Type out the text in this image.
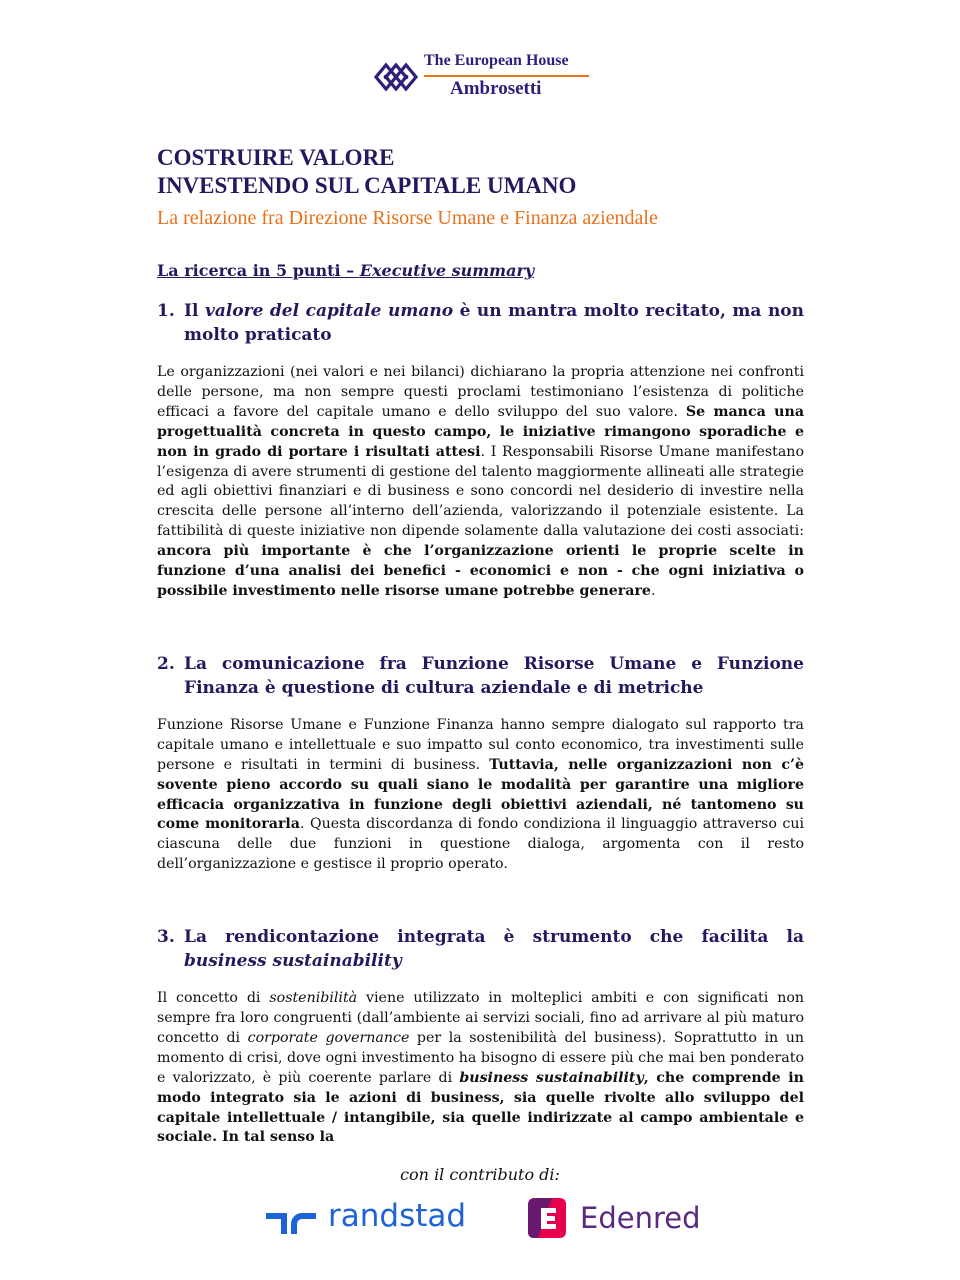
The European House
Ambrosetti
COSTRUIRE VALORE
INVESTENDO SUL CAPITALE UMANO
La relazione fra Direzione Risorse Umane e Finanza aziendale
La ricerca in 5 punti – Executive summary
1. Il valore del capitale umano è un mantra molto recitato, ma non molto praticato

Le organizzazioni (nei valori e nei bilanci) dichiarano la propria attenzione nei confronti delle persone, ma non sempre questi proclami testimoniano l’esistenza di politiche efficaci a favore del capitale umano e dello sviluppo del suo valore. Se manca una progettualità concreta in questo campo, le iniziative rimangono sporadiche e non in grado di portare i risultati attesi. I Responsabili Risorse Umane manifestano l’esigenza di avere strumenti di gestione del talento maggiormente allineati alle strategie ed agli obiettivi finanziari e di business e sono concordi nel desiderio di investire nella crescita delle persone all’interno dell’azienda, valorizzando il potenziale esistente. La fattibilità di queste iniziative non dipende solamente dalla valutazione dei costi associati: ancora più importante è che l’organizzazione orienti le proprie scelte in funzione d’una analisi dei benefici - economici e non - che ogni iniziativa o possibile investimento nelle risorse umane potrebbe generare.

2. La comunicazione fra Funzione Risorse Umane e Funzione Finanza è questione di cultura aziendale e di metriche

Funzione Risorse Umane e Funzione Finanza hanno sempre dialogato sul rapporto tra capitale umano e intellettuale e suo impatto sul conto economico, tra investimenti sulle persone e risultati in termini di business. Tuttavia, nelle organizzazioni non c’è sovente pieno accordo su quali siano le modalità per garantire una migliore efficacia organizzativa in funzione degli obiettivi aziendali, né tantomeno su come monitorarla. Questa discordanza di fondo condiziona il linguaggio attraverso cui ciascuna delle due funzioni in questione dialoga, argomenta con il resto dell’organizzazione e gestisce il proprio operato.

3. La rendicontazione integrata è strumento che facilita la business sustainability

Il concetto di sostenibilità viene utilizzato in molteplici ambiti e con significati non sempre fra loro congruenti (dall’ambiente ai servizi sociali, fino ad arrivare al più maturo concetto di corporate governance per la sostenibilità del business). Soprattutto in un momento di crisi, dove ogni investimento ha bisogno di essere più che mai ben ponderato e valorizzato, è più coerente parlare di business sustainability, che comprende in modo integrato sia le azioni di business, sia quelle rivolte allo sviluppo del capitale intellettuale / intangibile, sia quelle indirizzate al campo ambientale e sociale. In tal senso la

con il contributo di:
randstad	Edenred
